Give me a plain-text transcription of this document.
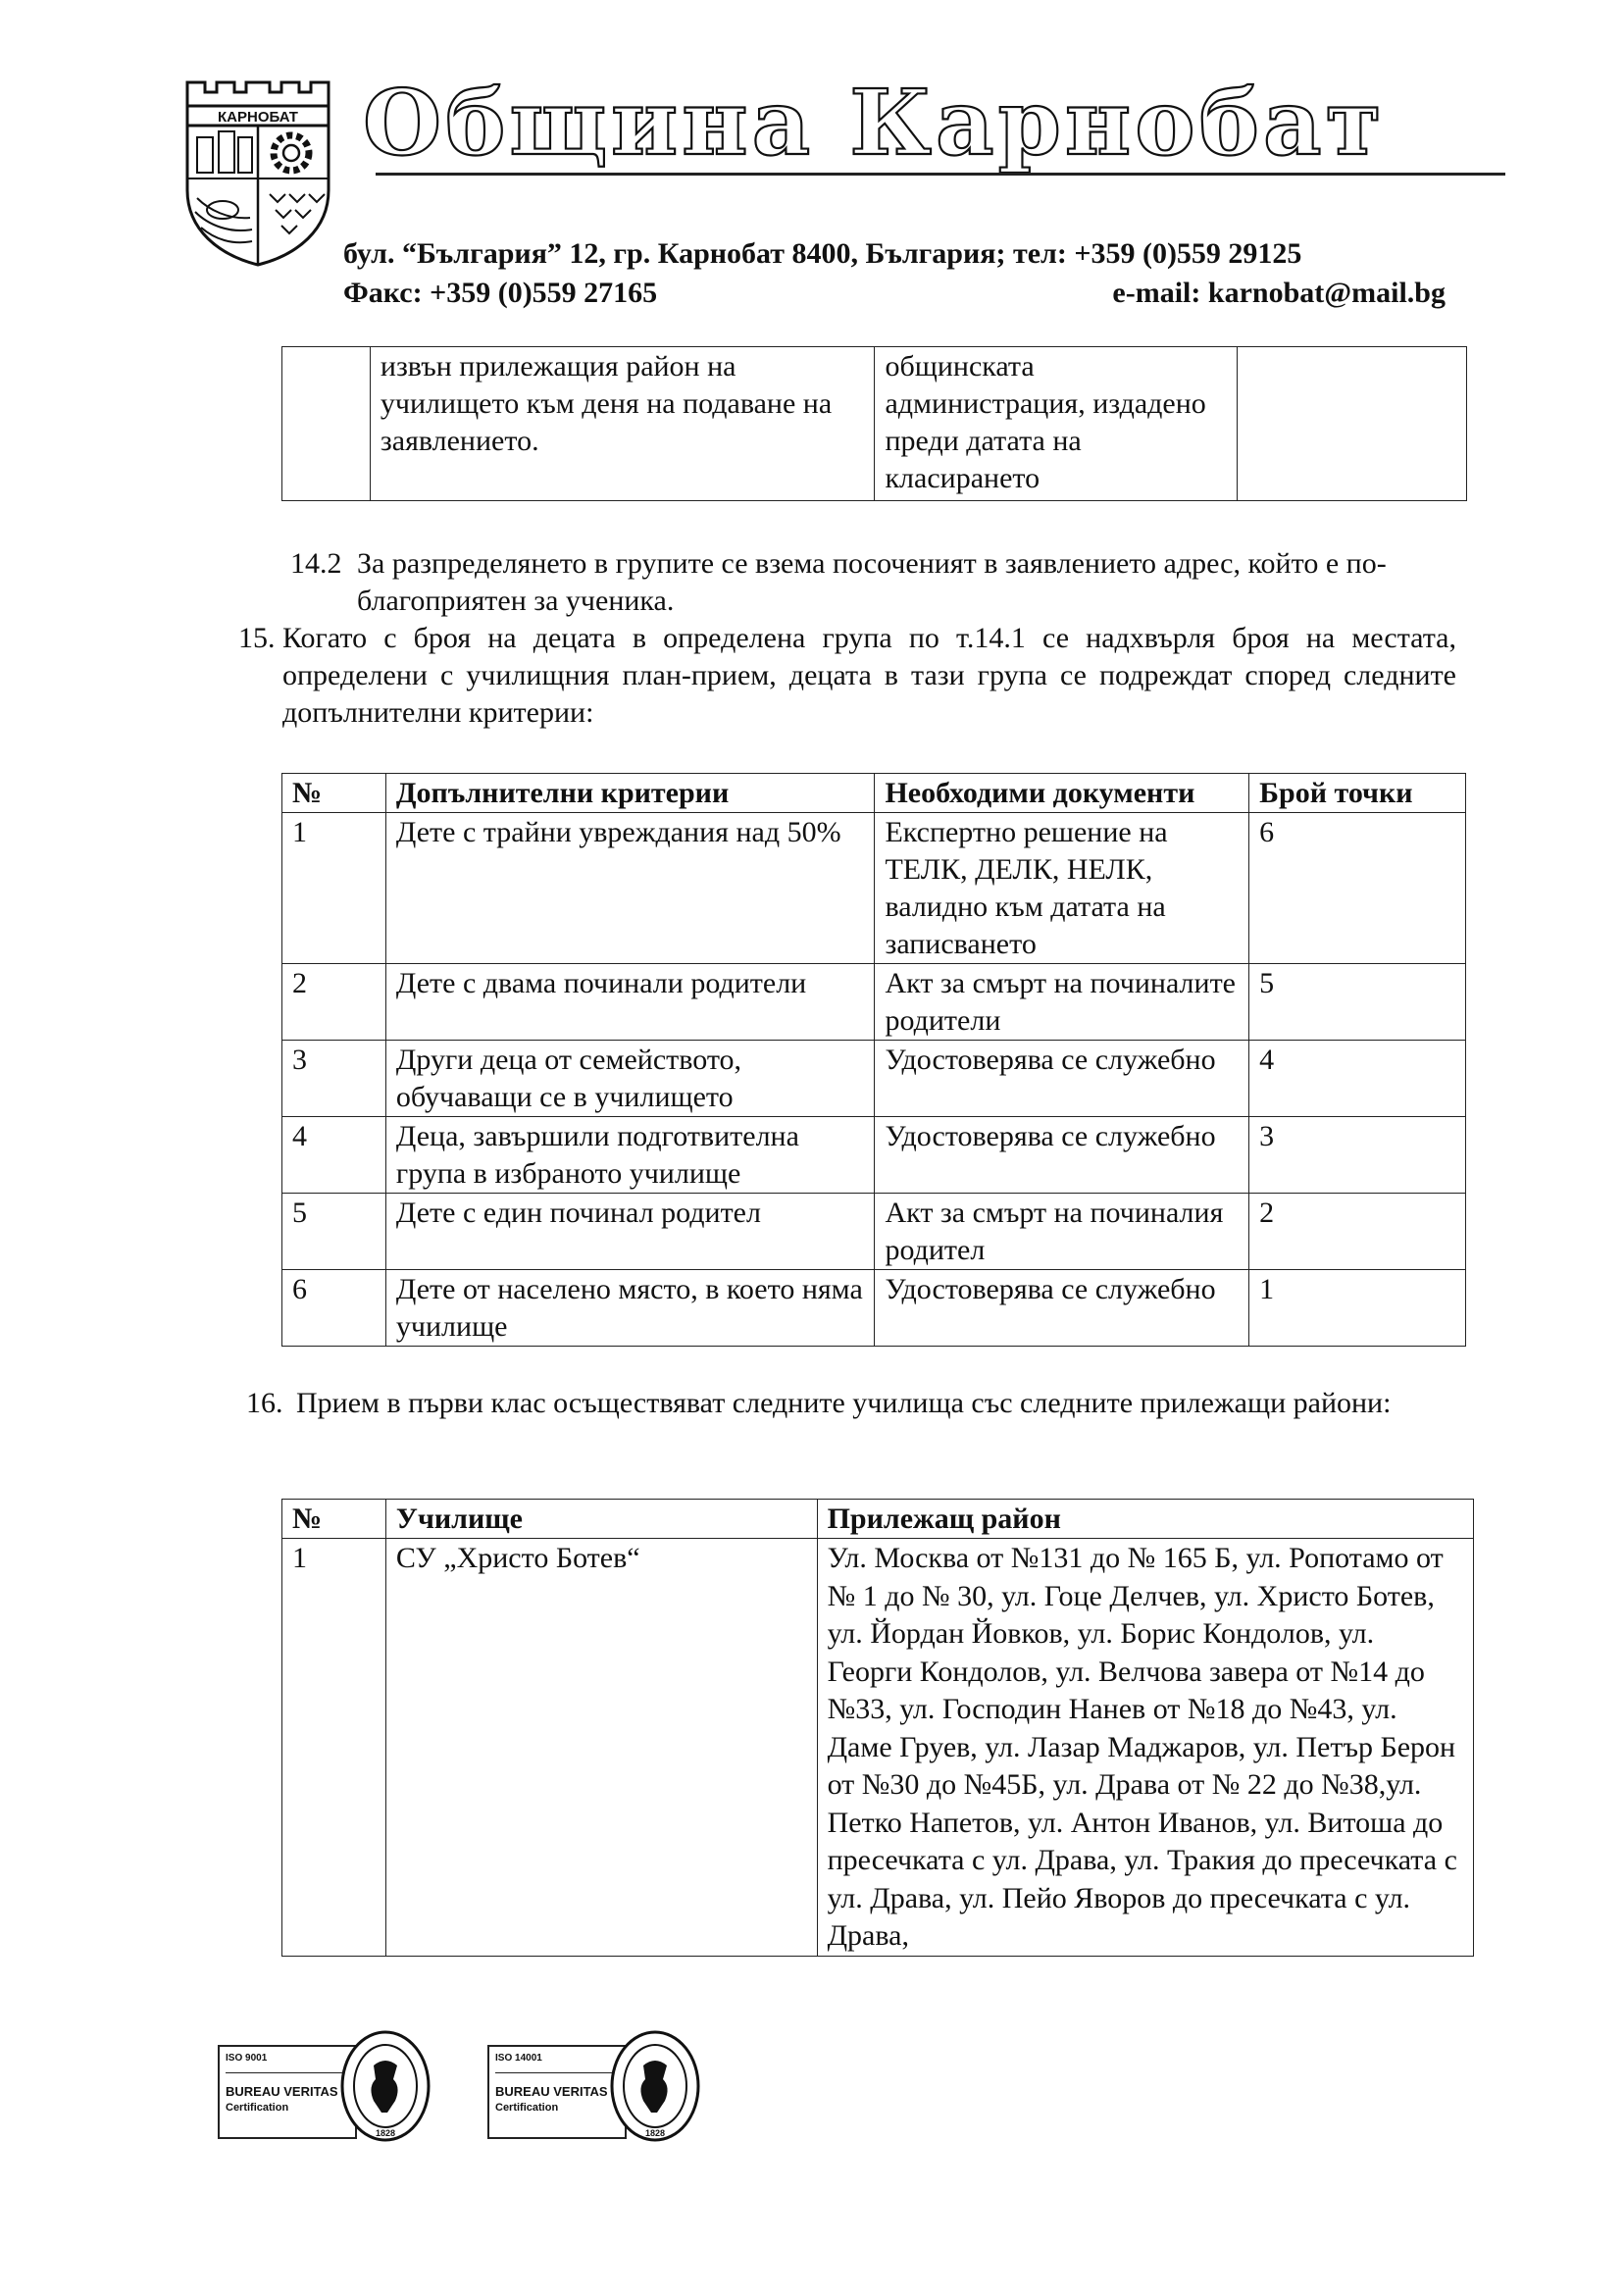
КАРНОБАТ Община Карнобат
бул. “България” 12, гр. Карнобат 8400, България; тел: +359 (0)559 29125
Факс: +359 (0)559 27165	e-mail: karnobat@mail.bg
	извън прилежащия район на училището към деня на подаване на заявлението.	общинската администрация, издадено преди датата на класирането	
14.2 За разпределянето в групите се взема посоченият в заявлението адрес, който е по-благоприятен за ученика.
15. Когато с броя на децата в определена група по т.14.1 се надхвърля броя на местата, определени с училищния план-прием, децата в тази група се подреждат според следните допълнителни критерии:
№	Допълнителни критерии	Необходими документи	Брой точки
1	Дете с трайни увреждания над 50%	Експертно решение на ТЕЛК, ДЕЛК, НЕЛК, валидно към датата на записването	6
2	Дете с двама починали родители	Акт за смърт на починалите родители	5
3	Други деца от семейството, обучаващи се в училището	Удостоверява се служебно	4
4	Деца, завършили подготвителна група в избраното училище	Удостоверява се служебно	3
5	Дете с един починал родител	Акт за смърт на починалия родител	2
6	Дете от населено място, в което няма училище	Удостоверява се служебно	1
16. Прием в първи клас осъществяват следните училища със следните прилежащи райони:
№	Училище	Прилежащ район
1	СУ „Христо Ботев“	Ул. Москва от №131 до № 165 Б, ул. Ропотамо от № 1 до № 30, ул. Гоце Делчев, ул. Христо Ботев, ул. Йордан Йовков, ул. Борис Кондолов, ул. Георги Кондолов, ул. Велчова завера от №14 до №33, ул. Господин Нанев от №18 до №43, ул. Даме Груев, ул. Лазар Маджаров, ул. Петър Берон от №30 до №45Б, ул. Драва от № 22 до №38,ул. Петко Напетов, ул. Антон Иванов, ул. Витоша до пресечката с ул. Драва, ул. Тракия до пресечката с ул. Драва, ул. Пейо Яворов до пресечката с ул. Драва,
ISO 9001
BUREAU VERITAS
Certification
1828
ISO 14001
BUREAU VERITAS
Certification
1828
